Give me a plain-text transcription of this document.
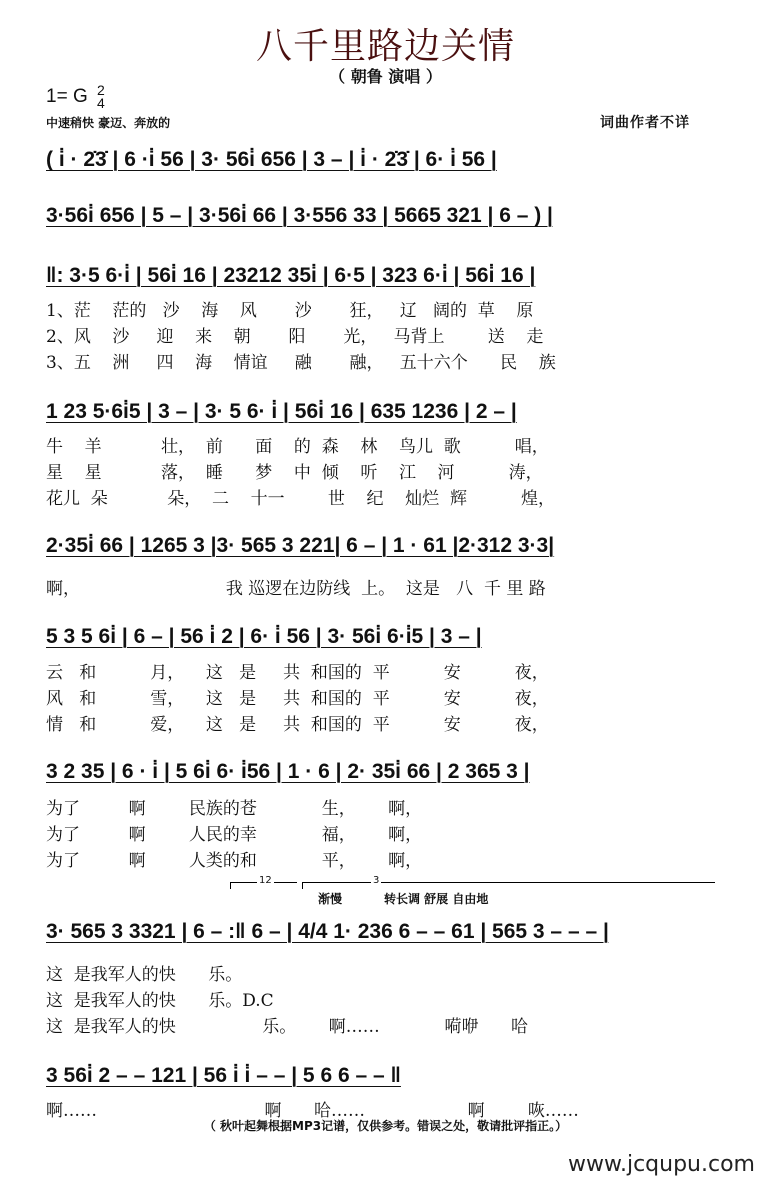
八千里路边关情
（ 朝鲁 演唱 ）
1= G 2
4
中速稍快 豪迈、奔放的	词曲作者不详
( i̇ · 2̇3̇ | 6 ·i̇ 56 | 3· 56i̇ 656 | 3 – | i̇ · 2̇3̇ | 6· i̇ 56 |
3·56i̇ 656 | 5 – | 3·56i̇ 66 | 3·556 33 | 5665 321 | 6 – ) |
‖: 3·5 6·i̇ | 56i̇ 16 | 23212 35i̇ | 6·5 | 323 6·i̇ | 56i̇ 16 |
1、茫    茫的   沙    海    风       沙       狂，   辽   阔的  草    原
2、风    沙     迎    来    朝       阳       光，   马背上        送    走
3、五    洲     四    海    情谊     融       融，   五十六个      民    族
1 23 5·6i̇5 | 3 – | 3· 5 6· i̇ | 56i̇ 16 | 635 1236 | 2 – |
牛    羊           壮，  前      面    的  森    林    鸟儿  歌          唱，
星    星           落，  睡      梦    中  倾    听    江    河          涛，
花儿  朵           朵，  二    十一        世    纪    灿烂  辉          煌，
2·35i̇ 66 | 1265 3 |3· 565 3 221| 6 – | 1 · 61 |2·312 3·3|
啊，                           我 巡逻在边防线  上。  这是   八  千 里 路
5 3 5 6i̇ | 6 – | 56 i̇ 2 | 6· i̇ 56 | 3· 56i̇ 6·i̇5 | 3 – |
云   和          月，    这   是     共  和国的  平          安          夜，
风   和          雪，    这   是     共  和国的  平          安          夜，
情   和          爱，    这   是     共  和国的  平          安          夜，
3 2 35 | 6 · i̇ | 5 6i̇ 6· i̇56 | 1 · 6 | 2· 35i̇ 66 | 2 365 3 |
为了         啊        民族的苍            生，      啊，
为了         啊        人民的幸            福，      啊，
为了         啊        人类的和            平，      啊，
12	3
渐慢	转长调 舒展 自由地
3· 565 3 3321 | 6 – :‖ 6 – | 4/4 1· 236 6 – – 61 | 565 3 – – – |
这  是我军人的快      乐。
这  是我军人的快      乐。D.C
这  是我军人的快                乐。      啊……            嗬咿      哈
3 56i̇ 2 – – 121 | 56 i̇ i̇ – – | 5 6 6 – – ‖
啊……                               啊      哈……                   啊        咴……
（ 秋叶起舞根据MP3记谱，仅供参考。错误之处，敬请批评指正。）
www.jcqupu.com
